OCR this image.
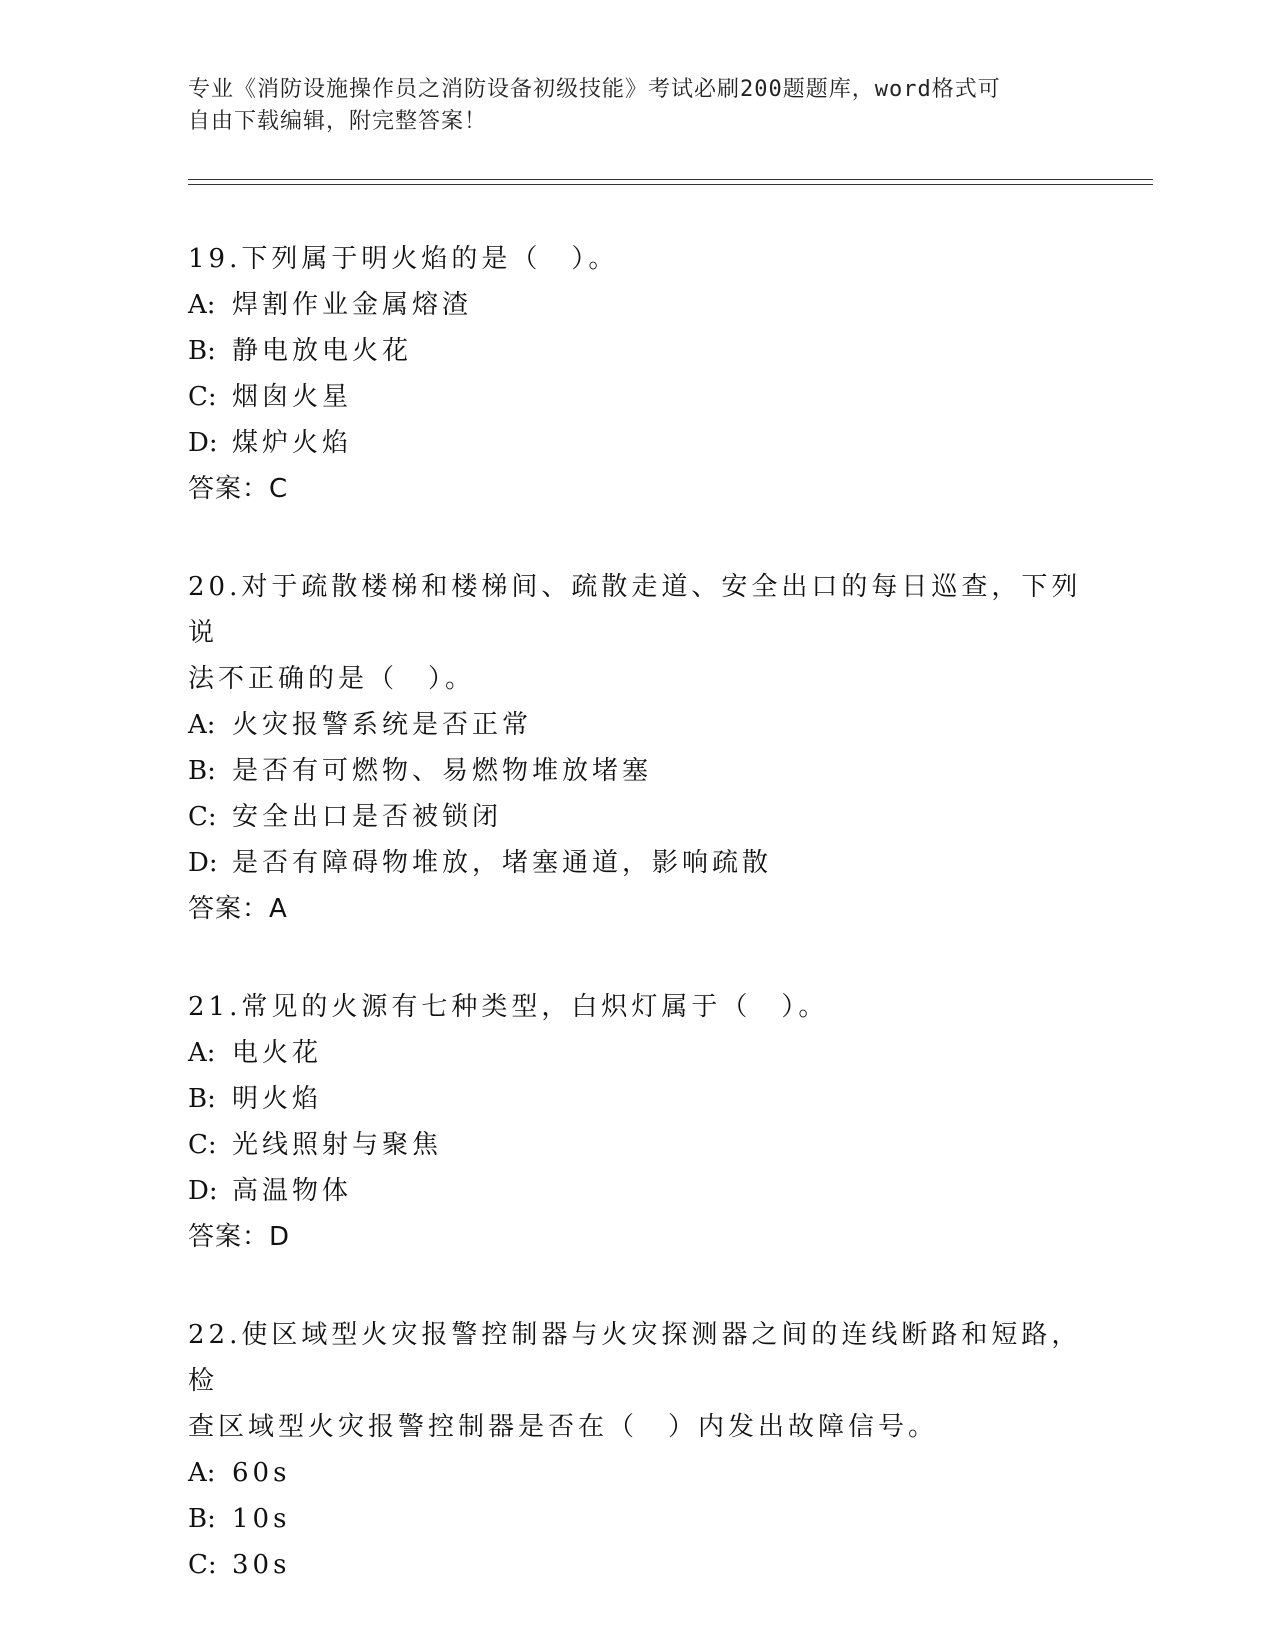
专业《消防设施操作员之消防设备初级技能》考试必刷200题题库，word格式可
自由下载编辑，附完整答案！

19.下列属于明火焰的是（　）。

A: 焊割作业金属熔渣

B: 静电放电火花

C: 烟囱火星

D: 煤炉火焰

答案：C

20.对于疏散楼梯和楼梯间、疏散走道、安全出口的每日巡查，下列说

法不正确的是（　）。

A: 火灾报警系统是否正常

B: 是否有可燃物、易燃物堆放堵塞

C: 安全出口是否被锁闭

D: 是否有障碍物堆放，堵塞通道，影响疏散

答案：A

21.常见的火源有七种类型，白炽灯属于（　）。

A: 电火花

B: 明火焰

C: 光线照射与聚焦

D: 高温物体

答案：D

22.使区域型火灾报警控制器与火灾探测器之间的连线断路和短路，检

查区域型火灾报警控制器是否在（　）内发出故障信号。

A: 60s

B: 10s

C: 30s
